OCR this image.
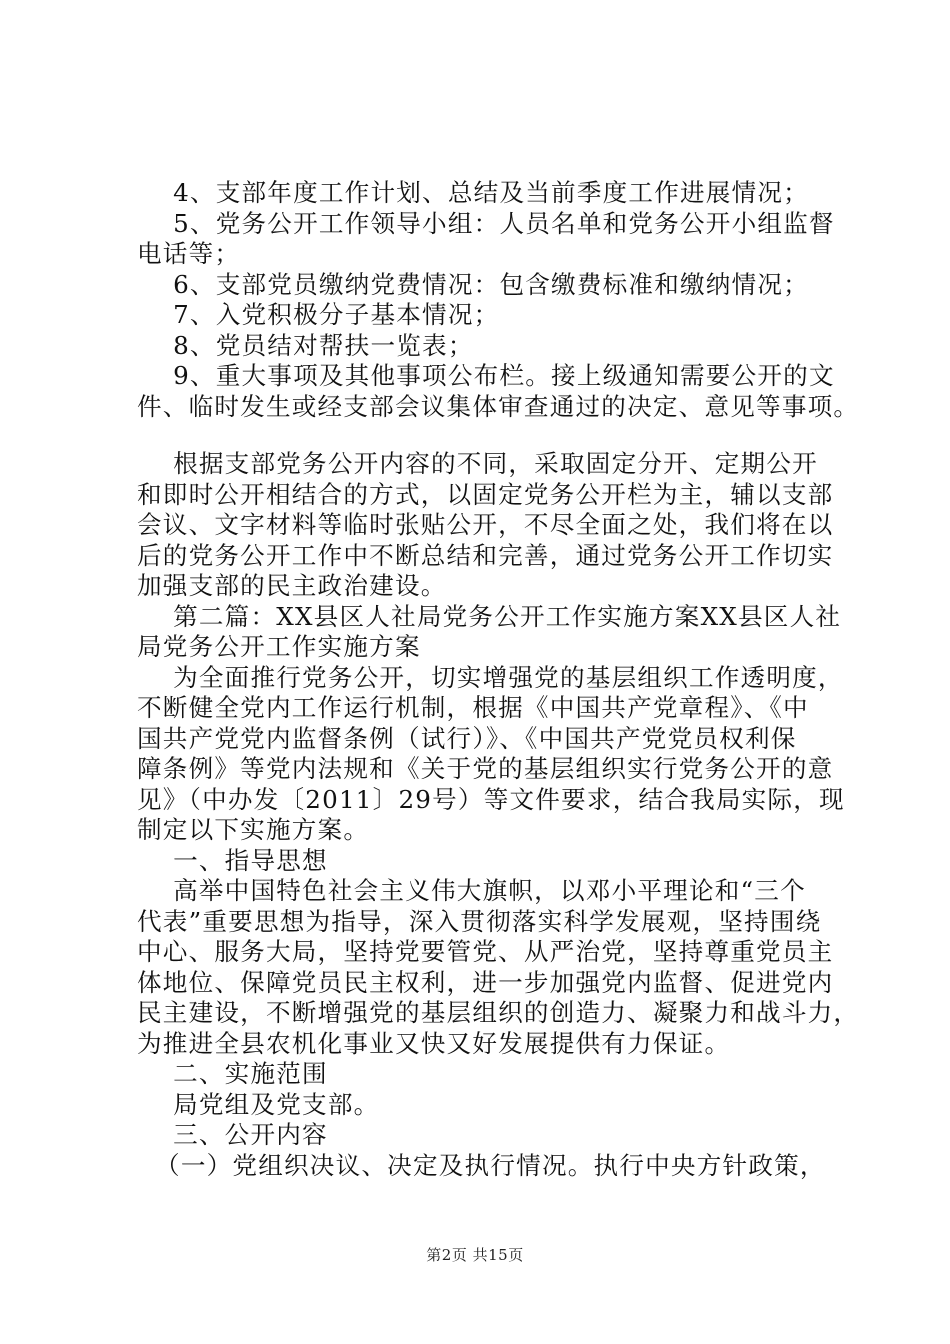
4、支部年度工作计划、总结及当前季度工作进展情况；
5、党务公开工作领导小组：人员名单和党务公开小组监督
电话等；
6、支部党员缴纳党费情况：包含缴费标准和缴纳情况；
7、入党积极分子基本情况；
8、党员结对帮扶一览表；
9、重大事项及其他事项公布栏。接上级通知需要公开的文
件、临时发生或经支部会议集体审查通过的决定、意见等事项。
根据支部党务公开内容的不同，采取固定分开、定期公开
和即时公开相结合的方式，以固定党务公开栏为主，辅以支部
会议、文字材料等临时张贴公开，不尽全面之处，我们将在以
后的党务公开工作中不断总结和完善，通过党务公开工作切实
加强支部的民主政治建设。
第二篇：XX县区人社局党务公开工作实施方案XX县区人社
局党务公开工作实施方案
为全面推行党务公开，切实增强党的基层组织工作透明度，
不断健全党内工作运行机制，根据《中国共产党章程》、《中
国共产党党内监督条例（试行）》、《中国共产党党员权利保
障条例》等党内法规和《关于党的基层组织实行党务公开的意
见》（中办发〔2011〕29号）等文件要求，结合我局实际，现
制定以下实施方案。
一、指导思想
高举中国特色社会主义伟大旗帜，以邓小平理论和“三个
代表”重要思想为指导，深入贯彻落实科学发展观，坚持围绕
中心、服务大局，坚持党要管党、从严治党，坚持尊重党员主
体地位、保障党员民主权利，进一步加强党内监督、促进党内
民主建设，不断增强党的基层组织的创造力、凝聚力和战斗力，
为推进全县农机化事业又快又好发展提供有力保证。
二、实施范围
局党组及党支部。
三、公开内容
（一）党组织决议、决定及执行情况。执行中央方针政策，
第2页 共15页
